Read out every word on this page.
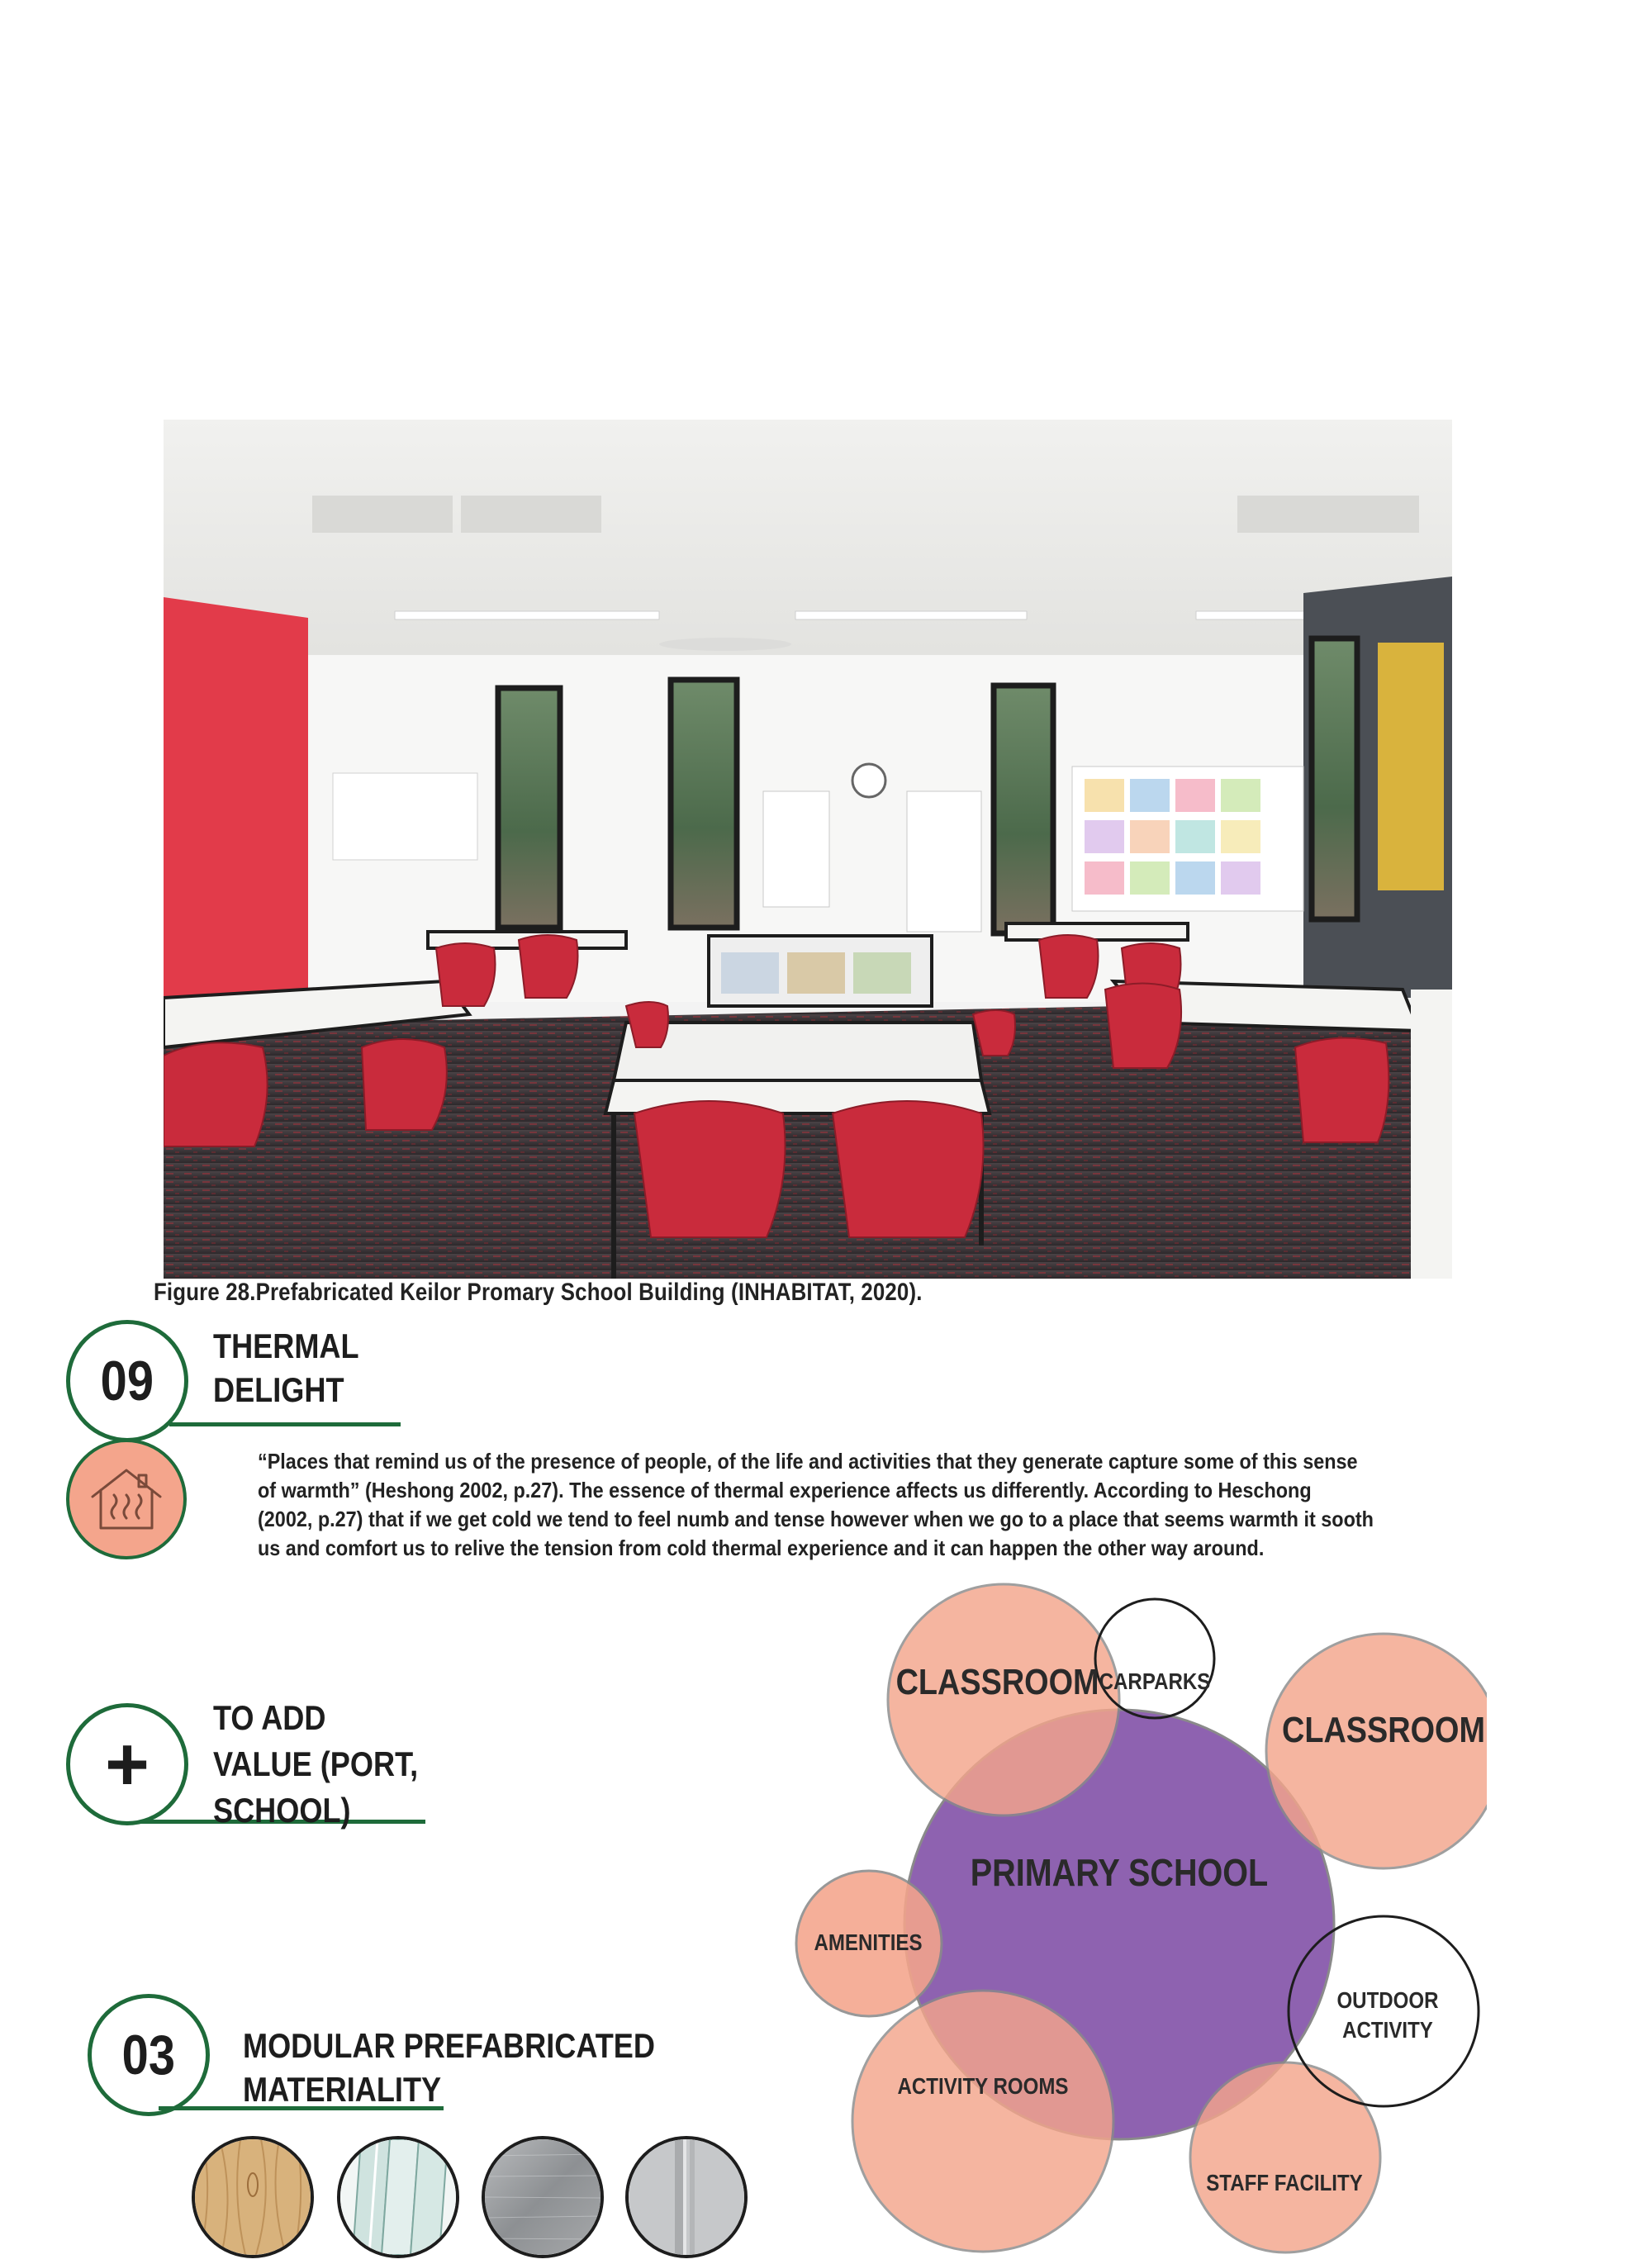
Figure 28.Prefabricated Keilor Promary School Building (INHABITAT, 2020).
09
THERMAL
DELIGHT
“Places that remind us of the presence of people, of the life and activities that they generate capture some of this sense
of warmth” (Heshong 2002, p.27). The essence of thermal experience affects us differently. According to Heschong
(2002, p.27) that if we get cold we tend to feel numb and tense however when we go to a place that seems warmth it sooth
us and comfort us to relive the tension from cold thermal experience and it can happen the other way around.
+
TO ADD
VALUE (PORT,
SCHOOL)
03 MODULAR PREFABRICATED
MATERIALITY
PRIMARY SCHOOL
CLASSROOM CARPARKS
CLASSROOM
AMENITIES
OUTDOOR
ACTIVITY
ACTIVITY ROOMS
STAFF FACILITY
